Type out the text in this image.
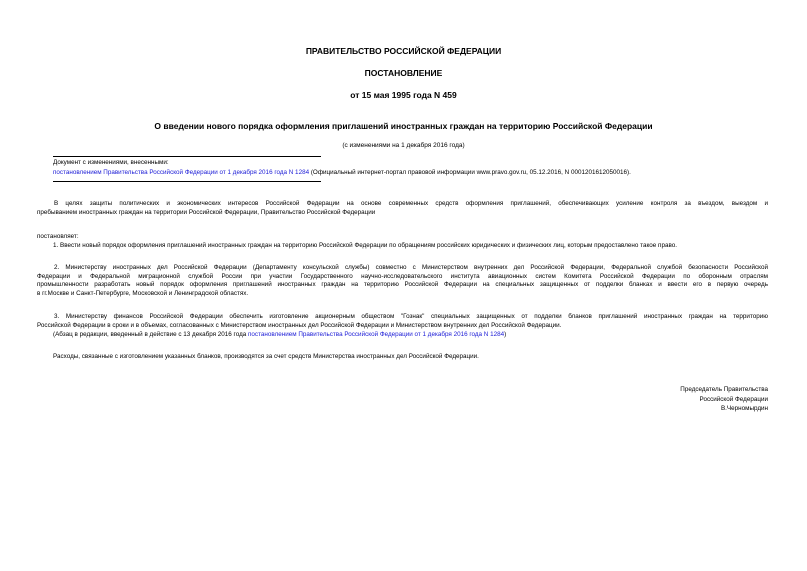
ПРАВИТЕЛЬСТВО РОССИЙСКОЙ ФЕДЕРАЦИИ
ПОСТАНОВЛЕНИЕ
от 15 мая 1995 года N 459
О введении нового порядка оформления приглашений иностранных граждан на территорию Российской Федерации
(с изменениями на 1 декабря 2016 года)
Документ с изменениями, внесенными:
постановлением Правительства Российской Федерации от 1 декабря 2016 года N 1284 (Официальный интернет-портал правовой информации www.pravo.gov.ru, 05.12.2016, N 0001201612050016).
В целях защиты политических и экономических интересов Российской Федерации на основе современных средств оформления приглашений, обеспечивающих усиление контроля за въездом, выездом и
пребыванием иностранных граждан на территории Российской Федерации, Правительство Российской Федерации
постановляет:
1. Ввести новый порядок оформления приглашений иностранных граждан на территорию Российской Федерации по обращениям российских юридических и физических лиц, которым предоставлено такое право.
2. Министерству иностранных дел Российской Федерации (Департаменту консульской службы) совместно с Министерством внутренних дел Российской Федерации, Федеральной службой безопасности Российской
Федерации и Федеральной миграционной службой России при участии Государственного научно-исследовательского института авиационных систем Комитета Российской Федерации по оборонным отраслям
промышленности разработать новый порядок оформления приглашений иностранных граждан на территорию Российской Федерации на специальных защищенных от подделки бланках и ввести его в первую очередь
в гг.Москве и Санкт-Петербурге, Московской и Ленинградской областях.
3. Министерству финансов Российской Федерации обеспечить изготовление акционерным обществом "Гознак" специальных защищенных от подделки бланков приглашений иностранных граждан на территорию
Российской Федерации в сроки и в объемах, согласованных с Министерством иностранных дел Российской Федерации и Министерством внутренних дел Российской Федерации.
(Абзац в редакции, введенный в действие с 13 декабря 2016 года постановлением Правительства Российской Федерации от 1 декабря 2016 года N 1284)
Расходы, связанные с изготовлением указанных бланков, производятся за счет средств Министерства иностранных дел Российской Федерации.
Председатель Правительства
Российской Федерации
В.Черномырдин
